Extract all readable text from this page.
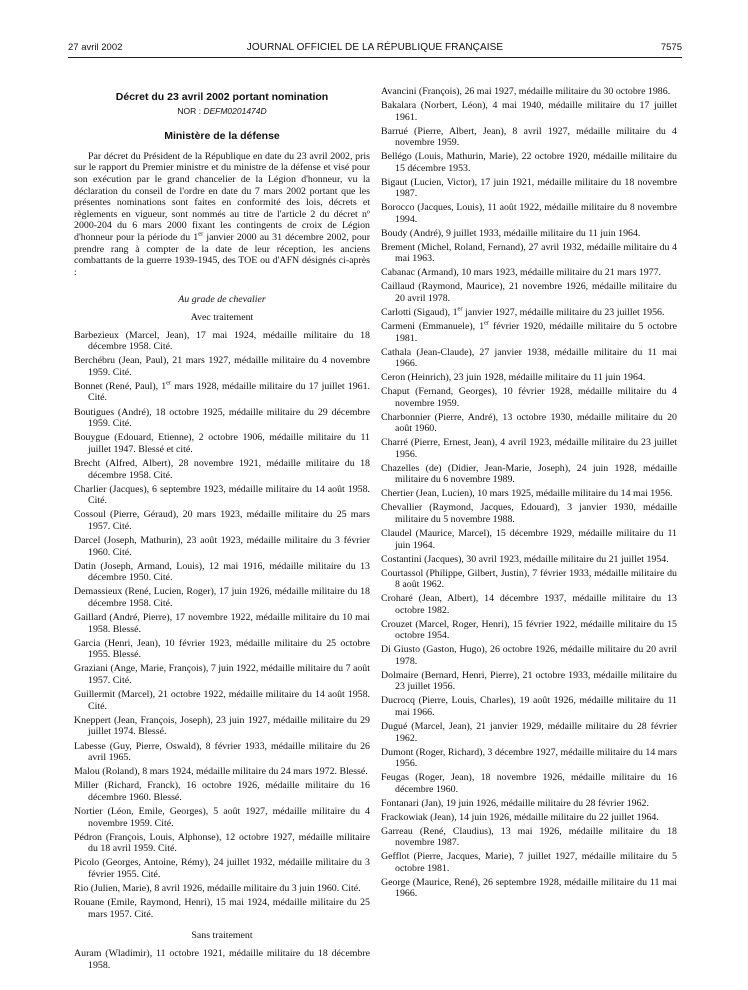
27 avril 2002	JOURNAL OFFICIEL DE LA RÉPUBLIQUE FRANÇAISE	7575
Décret du 23 avril 2002 portant nomination
NOR : DEFM0201474D
Ministère de la défense

Par décret du Président de la République en date du 23 avril 2002, pris sur le rapport du Premier ministre et du ministre de la défense et visé pour son exécution par le grand chancelier de la Légion d'honneur, vu la déclaration du conseil de l'ordre en date du 7 mars 2002 portant que les présentes nominations sont faites en conformité des lois, décrets et règlements en vigueur, sont nommés au titre de l'article 2 du décret nº 2000-204 du 6 mars 2000 fixant les contingents de croix de Légion d'honneur pour la période du 1er janvier 2000 au 31 décembre 2002, pour prendre rang à compter de la date de leur réception, les anciens combattants de la guerre 1939-1945, des TOE ou d'AFN désignés ci-après :

Au grade de chevalier
Avec traitement

Barbezieux (Marcel, Jean), 17 mai 1924, médaille militaire du 18 décembre 1958. Cité.

Berchébru (Jean, Paul), 21 mars 1927, médaille militaire du 4 novembre 1959. Cité.

Bonnet (René, Paul), 1er mars 1928, médaille militaire du 17 juillet 1961. Cité.

Boutigues (André), 18 octobre 1925, médaille militaire du 29 décembre 1959. Cité.

Bouygue (Edouard, Etienne), 2 octobre 1906, médaille militaire du 11 juillet 1947. Blessé et cité.

Brecht (Alfred, Albert), 28 novembre 1921, médaille militaire du 18 décembre 1958. Cité.

Charlier (Jacques), 6 septembre 1923, médaille militaire du 14 août 1958. Cité.

Cossoul (Pierre, Géraud), 20 mars 1923, médaille militaire du 25 mars 1957. Cité.

Darcel (Joseph, Mathurin), 23 août 1923, médaille militaire du 3 février 1960. Cité.

Datin (Joseph, Armand, Louis), 12 mai 1916, médaille militaire du 13 décembre 1950. Cité.

Demassieux (René, Lucien, Roger), 17 juin 1926, médaille militaire du 18 décembre 1958. Cité.

Gaillard (André, Pierre), 17 novembre 1922, médaille militaire du 10 mai 1958. Blessé.

Garcia (Henri, Jean), 10 février 1923, médaille militaire du 25 octobre 1955. Blessé.

Graziani (Ange, Marie, François), 7 juin 1922, médaille militaire du 7 août 1957. Cité.

Guillermit (Marcel), 21 octobre 1922, médaille militaire du 14 août 1958. Cité.

Kneppert (Jean, François, Joseph), 23 juin 1927, médaille militaire du 29 juillet 1974. Blessé.

Labesse (Guy, Pierre, Oswald), 8 février 1933, médaille militaire du 26 avril 1965.

Malou (Roland), 8 mars 1924, médaille militaire du 24 mars 1972. Blessé.

Miller (Richard, Franck), 16 octobre 1926, médaille militaire du 16 décembre 1960. Blessé.

Nortier (Léon, Emile, Georges), 5 août 1927, médaille militaire du 4 novembre 1959. Cité.

Pédron (François, Louis, Alphonse), 12 octobre 1927, médaille militaire du 18 avril 1959. Cité.

Picolo (Georges, Antoine, Rémy), 24 juillet 1932, médaille militaire du 3 février 1955. Cité.

Rio (Julien, Marie), 8 avril 1926, médaille militaire du 3 juin 1960. Cité.

Rouane (Emile, Raymond, Henri), 15 mai 1924, médaille militaire du 25 mars 1957. Cité.

Sans traitement

Auram (Wladimir), 11 octobre 1921, médaille militaire du 18 décembre 1958.

Avancini (François), 26 mai 1927, médaille militaire du 30 octobre 1986.

Bakalara (Norbert, Léon), 4 mai 1940, médaille militaire du 17 juillet 1961.

Barrué (Pierre, Albert, Jean), 8 avril 1927, médaille militaire du 4 novembre 1959.

Bellégo (Louis, Mathurin, Marie), 22 octobre 1920, médaille militaire du 15 décembre 1953.

Bigaut (Lucien, Victor), 17 juin 1921, médaille militaire du 18 novembre 1987.

Borocco (Jacques, Louis), 11 août 1922, médaille militaire du 8 novembre 1994.

Boudy (André), 9 juillet 1933, médaille militaire du 11 juin 1964.

Brement (Michel, Roland, Fernand), 27 avril 1932, médaille militaire du 4 mai 1963.

Cabanac (Armand), 10 mars 1923, médaille militaire du 21 mars 1977.

Caillaud (Raymond, Maurice), 21 novembre 1926, médaille militaire du 20 avril 1978.

Carlotti (Sigaud), 1er janvier 1927, médaille militaire du 23 juillet 1956.

Carmeni (Emmanuele), 1er février 1920, médaille militaire du 5 octobre 1981.

Cathala (Jean-Claude), 27 janvier 1938, médaille militaire du 11 mai 1966.

Ceron (Heinrich), 23 juin 1928, médaille militaire du 11 juin 1964.

Chaput (Fernand, Georges), 10 février 1928, médaille militaire du 4 novembre 1959.

Charbonnier (Pierre, André), 13 octobre 1930, médaille militaire du 20 août 1960.

Charré (Pierre, Ernest, Jean), 4 avril 1923, médaille militaire du 23 juillet 1956.

Chazelles (de) (Didier, Jean-Marie, Joseph), 24 juin 1928, médaille militaire du 6 novembre 1989.

Chertier (Jean, Lucien), 10 mars 1925, médaille militaire du 14 mai 1956.

Chevallier (Raymond, Jacques, Edouard), 3 janvier 1930, médaille militaire du 5 novembre 1988.

Claudel (Maurice, Marcel), 15 décembre 1929, médaille militaire du 11 juin 1964.

Costantini (Jacques), 30 avril 1923, médaille militaire du 21 juillet 1954.

Courtassol (Philippe, Gilbert, Justin), 7 février 1933, médaille militaire du 8 août 1962.

Croharé (Jean, Albert), 14 décembre 1937, médaille militaire du 13 octobre 1982.

Crouzet (Marcel, Roger, Henri), 15 février 1922, médaille militaire du 15 octobre 1954.

Di Giusto (Gaston, Hugo), 26 octobre 1926, médaille militaire du 20 avril 1978.

Dolmaire (Bernard, Henri, Pierre), 21 octobre 1933, médaille militaire du 23 juillet 1956.

Ducrocq (Pierre, Louis, Charles), 19 août 1926, médaille militaire du 11 mai 1966.

Dugué (Marcel, Jean), 21 janvier 1929, médaille militaire du 28 février 1962.

Dumont (Roger, Richard), 3 décembre 1927, médaille militaire du 14 mars 1956.

Feugas (Roger, Jean), 18 novembre 1926, médaille militaire du 16 décembre 1960.

Fontanari (Jan), 19 juin 1926, médaille militaire du 28 février 1962.

Frackowiak (Jean), 14 juin 1926, médaille militaire du 22 juillet 1964.

Garreau (René, Claudius), 13 mai 1926, médaille militaire du 18 novembre 1987.

Gefflot (Pierre, Jacques, Marie), 7 juillet 1927, médaille militaire du 5 octobre 1981.

George (Maurice, René), 26 septembre 1928, médaille militaire du 11 mai 1966.
